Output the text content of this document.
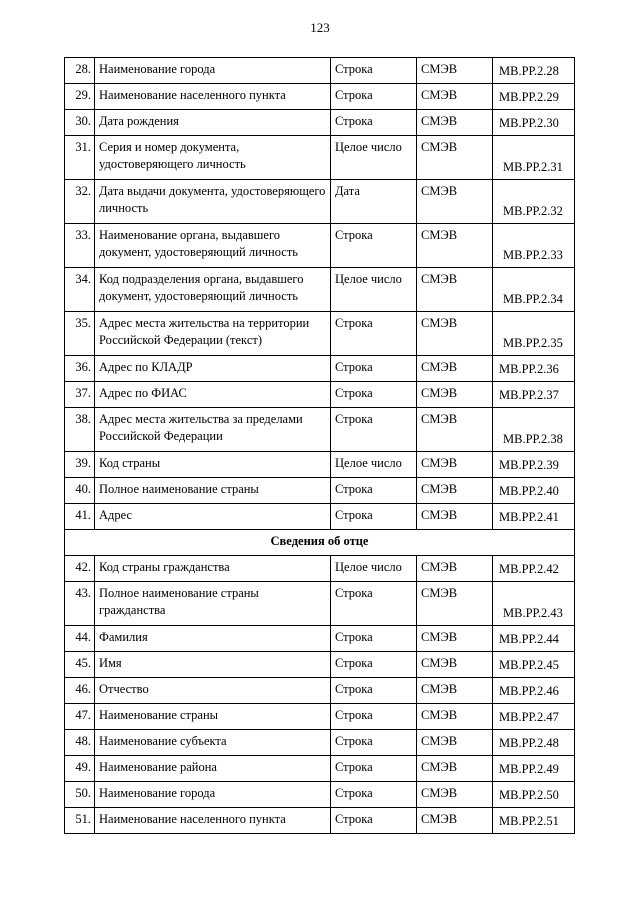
123
28.	Наименование города	Строка	СМЭВ	МВ.РР.2.28

29.	Наименование населенного пункта	Строка	СМЭВ	МВ.РР.2.29

30.	Дата рождения	Строка	СМЭВ	МВ.РР.2.30

31.	Серия и номер документа, удостоверяющего личность	Целое число	СМЭВ	МВ.РР.2.31

32.	Дата выдачи документа, удостоверяющего личность	Дата	СМЭВ	МВ.РР.2.32

33.	Наименование органа, выдавшего документ, удостоверяющий личность	Строка	СМЭВ	МВ.РР.2.33

34.	Код подразделения органа, выдавшего документ, удостоверяющий личность	Целое число	СМЭВ	МВ.РР.2.34

35.	Адрес места жительства на территории Российской Федерации (текст)	Строка	СМЭВ	МВ.РР.2.35

36.	Адрес по КЛАДР	Строка	СМЭВ	МВ.РР.2.36

37.	Адрес по ФИАС	Строка	СМЭВ	МВ.РР.2.37

38.	Адрес места жительства за пределами Российской Федерации	Строка	СМЭВ	МВ.РР.2.38

39.	Код страны	Целое число	СМЭВ	МВ.РР.2.39

40.	Полное наименование страны	Строка	СМЭВ	МВ.РР.2.40

41.	Адрес	Строка	СМЭВ	МВ.РР.2.41

Сведения об отце				
42.	Код страны гражданства	Целое число	СМЭВ	МВ.РР.2.42

43.	Полное наименование страны гражданства	Строка	СМЭВ	МВ.РР.2.43

44.	Фамилия	Строка	СМЭВ	МВ.РР.2.44

45.	Имя	Строка	СМЭВ	МВ.РР.2.45

46.	Отчество	Строка	СМЭВ	МВ.РР.2.46

47.	Наименование страны	Строка	СМЭВ	МВ.РР.2.47

48.	Наименование субъекта	Строка	СМЭВ	МВ.РР.2.48

49.	Наименование района	Строка	СМЭВ	МВ.РР.2.49

50.	Наименование города	Строка	СМЭВ	МВ.РР.2.50

51.	Наименование населенного пункта	Строка	СМЭВ	МВ.РР.2.51
